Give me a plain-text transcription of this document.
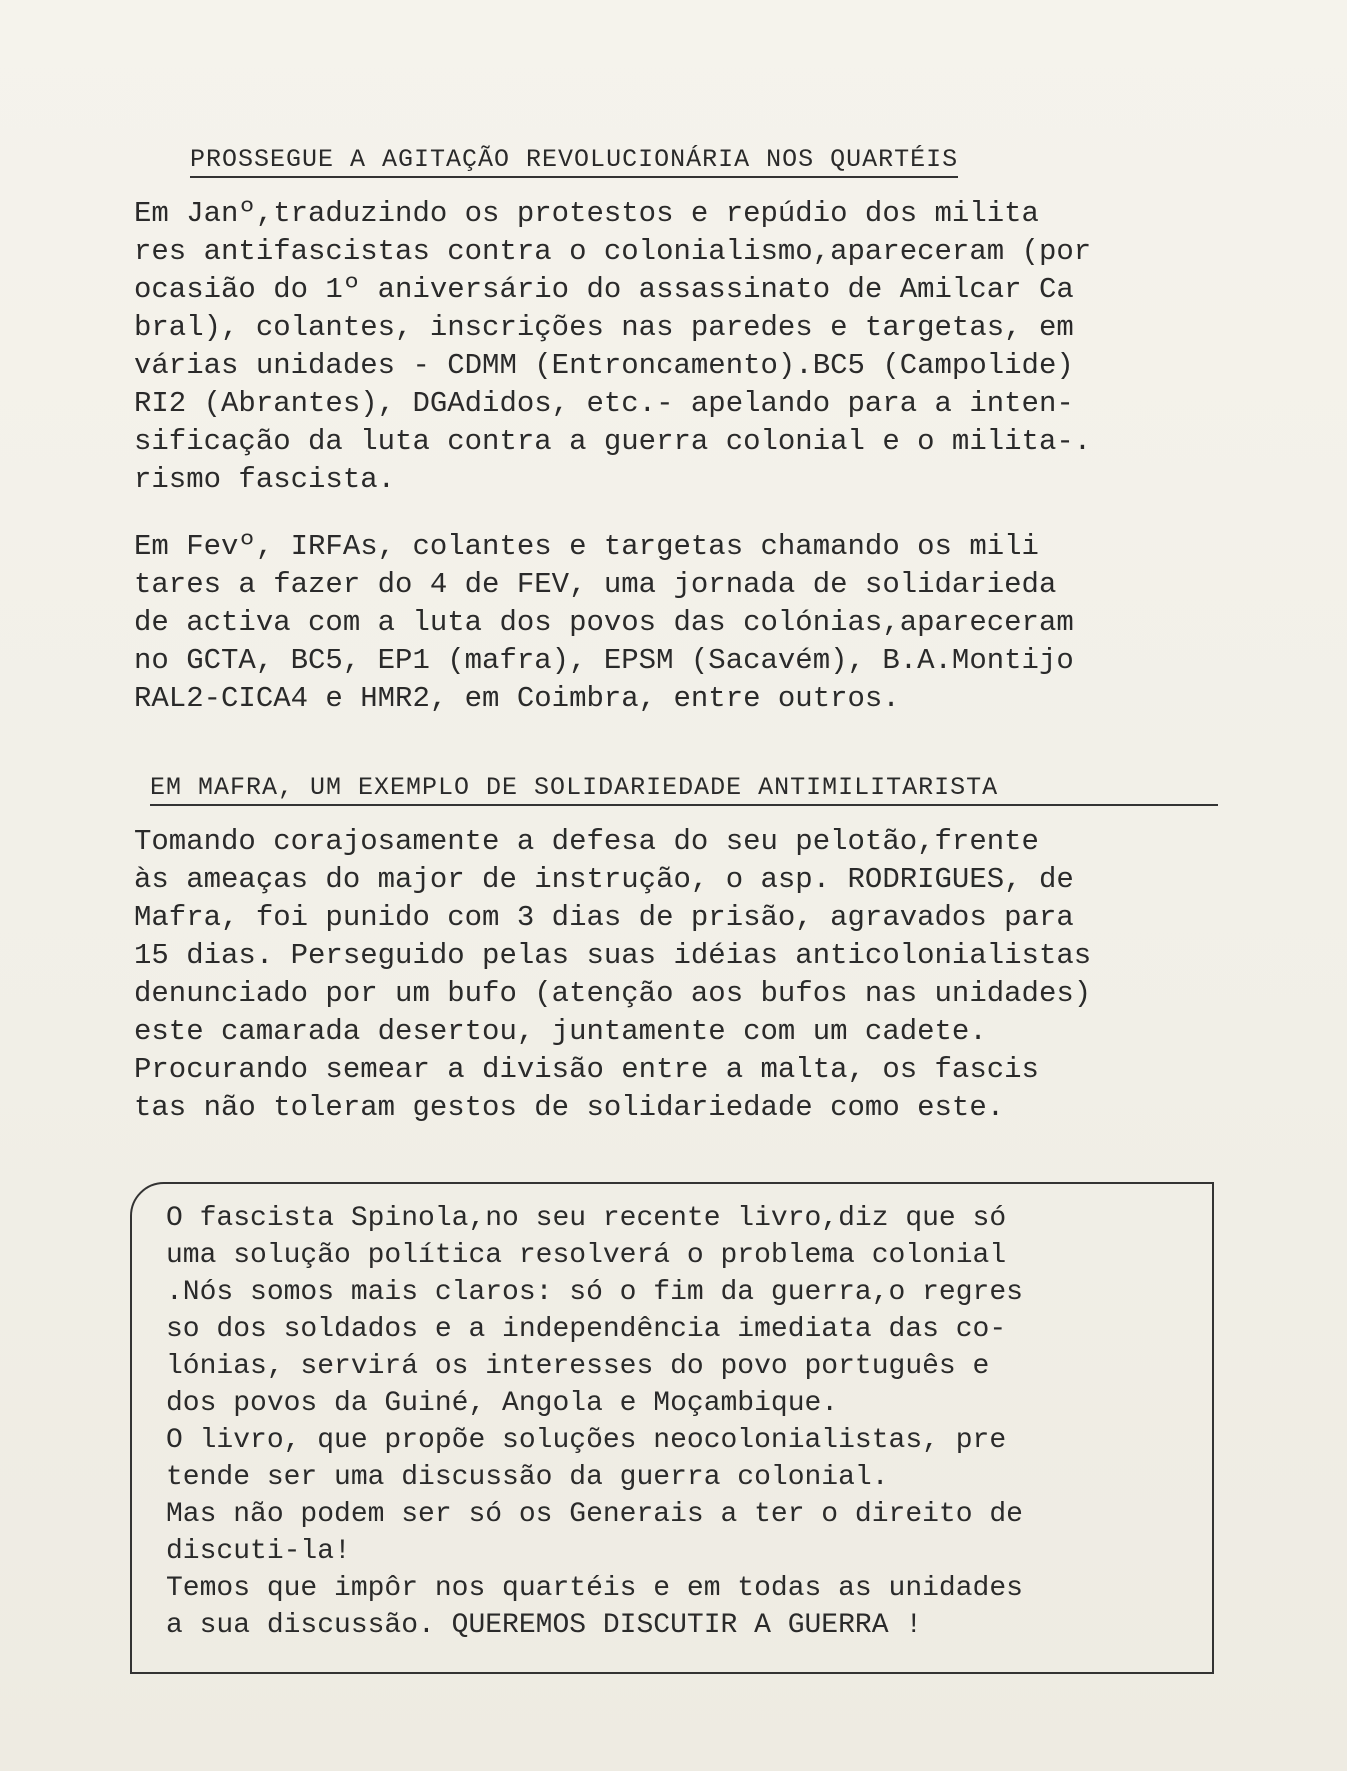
PROSSEGUE A AGITAÇÃO REVOLUCIONÁRIA NOS QUARTÉIS
Em Janº,traduzindo os protestos e repúdio dos milita
res antifascistas contra o colonialismo,apareceram (por
ocasião do 1º aniversário do assassinato de Amilcar Ca
bral), colantes, inscrições nas paredes e targetas, em
várias unidades - CDMM (Entroncamento).BC5 (Campolide)
RI2 (Abrantes), DGAdidos, etc.- apelando para a inten-
sificação da luta contra a guerra colonial e o milita-.
rismo fascista.
Em Fevº, IRFAs, colantes e targetas chamando os mili
tares a fazer do 4 de FEV, uma jornada de solidarieda
de activa com a luta dos povos das colónias,apareceram
no GCTA, BC5, EP1 (mafra), EPSM (Sacavém), B.A.Montijo
RAL2-CICA4 e HMR2, em Coimbra, entre outros.
EM MAFRA, UM EXEMPLO DE SOLIDARIEDADE ANTIMILITARISTA
Tomando corajosamente a defesa do seu pelotão,frente
às ameaças do major de instrução, o asp. RODRIGUES, de
Mafra, foi punido com 3 dias de prisão, agravados para
15 dias. Perseguido pelas suas idéias anticolonialistas
denunciado por um bufo (atenção aos bufos nas unidades)
este camarada desertou, juntamente com um cadete.
Procurando semear a divisão entre a malta, os fascis
tas não toleram gestos de solidariedade como este.
O fascista Spinola,no seu recente livro,diz que só
uma solução política resolverá o problema colonial
.Nós somos mais claros: só o fim da guerra,o regres
so dos soldados e a independência imediata das co-
lónias, servirá os interesses do povo português e
dos povos da Guiné, Angola e Moçambique.
O livro, que propõe soluções neocolonialistas, pre
tende ser uma discussão da guerra colonial.
Mas não podem ser só os Generais a ter o direito de
discuti-la!
Temos que impôr nos quartéis e em todas as unidades
a sua discussão. QUEREMOS DISCUTIR A GUERRA !
